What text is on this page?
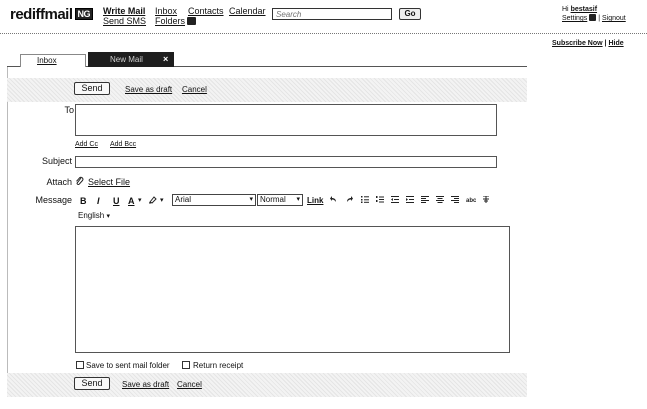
rediffmail NG	Write Mail
Send SMS
Inbox
Folders
Contacts Calendar
Search	Go	Hi bestasif
Settings | Signout
Subscribe Now | Hide
Inbox	New Mail ×
Send	Save as draft Cancel
To
Add Cc Add Bcc
Subject
Attach Select File
Message B I U A ▾	▾	Arial	▾ Normal ▾ Link	abc
English ▾
Save to sent mail folder	Return receipt
Send	Save as draft Cancel
